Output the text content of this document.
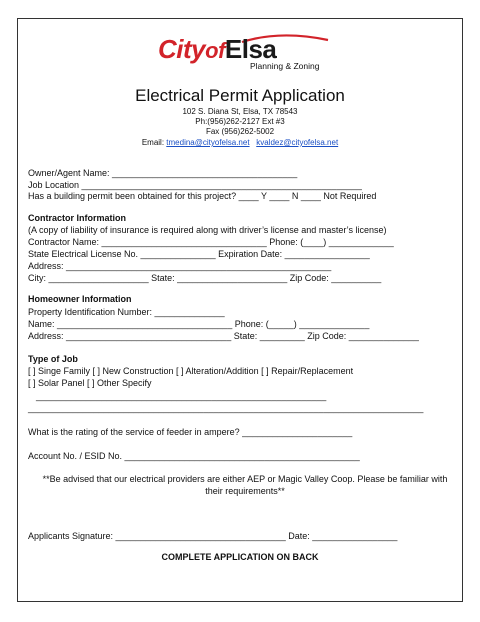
CityofElsa
Planning & Zoning
Electrical Permit Application
102 S. Diana St, Elsa, TX 78543
Ph:(956)262-2127 Ext #3
Fax (956)262-5002
Email: tmedina@cityofelsa.net kvaldez@cityofelsa.net
Owner/Agent Name: _____________________________________
Job Location ________________________________________________________
Has a building permit been obtained for this project? ____ Y ____ N ____ Not Required
Contractor Information
(A copy of liability of insurance is required along with driver’s license and master’s license)
Contractor Name: _________________________________ Phone: (____) _____________
State Electrical License No. _______________ Expiration Date: _________________
Address: _____________________________________________________
City: ____________________ State: ______________________ Zip Code: __________
Homeowner Information
Property Identification Number: ______________
Name: ___________________________________ Phone: (_____) ______________
Address: _________________________________ State: _________ Zip Code: ______________
Type of Job
[ ] Singe Family [ ] New Construction [ ] Alteration/Addition [ ] Repair/Replacement
[ ] Solar Panel [ ] Other Specify
__________________________________________________________
_______________________________________________________________________________
What is the rating of the service of feeder in ampere? ______________________
Account No. / ESID No. _______________________________________________
**Be advised that our electrical providers are either AEP or Magic Valley Coop. Please be familiar with their requirements**
Applicants Signature: __________________________________ Date: _________________
COMPLETE APPLICATION ON BACK
